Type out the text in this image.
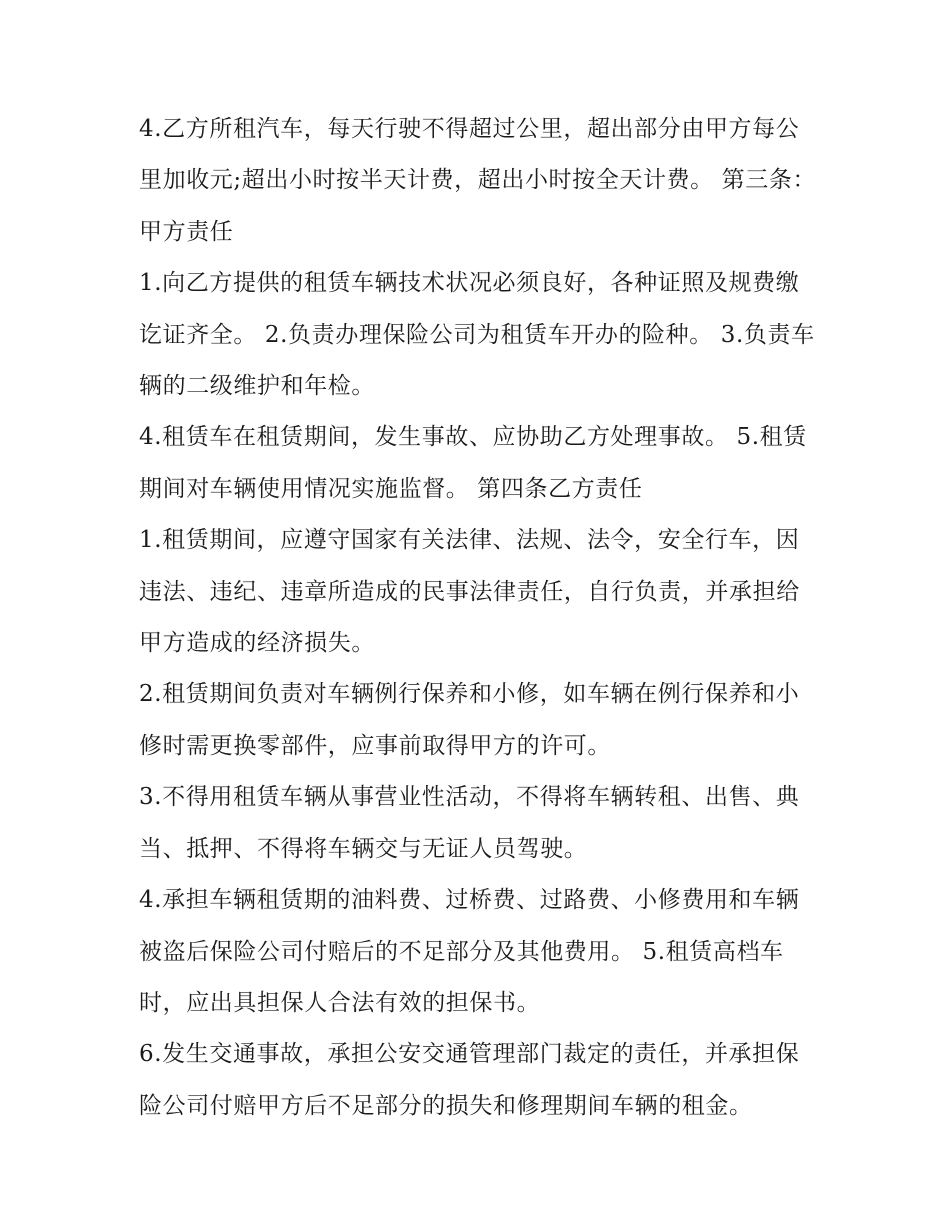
4.乙方所租汽车，每天行驶不得超过公里，超出部分由甲方每公里加收元;超出小时按半天计费，超出小时按全天计费。 第三条：甲方责任

1.向乙方提供的租赁车辆技术状况必须良好，各种证照及规费缴讫证齐全。 2.负责办理保险公司为租赁车开办的险种。 3.负责车辆的二级维护和年检。

4.租赁车在租赁期间，发生事故、应协助乙方处理事故。 5.租赁期间对车辆使用情况实施监督。 第四条乙方责任

1.租赁期间，应遵守国家有关法律、法规、法令，安全行车，因违法、违纪、违章所造成的民事法律责任，自行负责，并承担给甲方造成的经济损失。

2.租赁期间负责对车辆例行保养和小修，如车辆在例行保养和小修时需更换零部件，应事前取得甲方的许可。

3.不得用租赁车辆从事营业性活动，不得将车辆转租、出售、典当、抵押、不得将车辆交与无证人员驾驶。

4.承担车辆租赁期的油料费、过桥费、过路费、小修费用和车辆被盗后保险公司付赔后的不足部分及其他费用。 5.租赁高档车时，应出具担保人合法有效的担保书。

6.发生交通事故，承担公安交通管理部门裁定的责任，并承担保险公司付赔甲方后不足部分的损失和修理期间车辆的租金。
